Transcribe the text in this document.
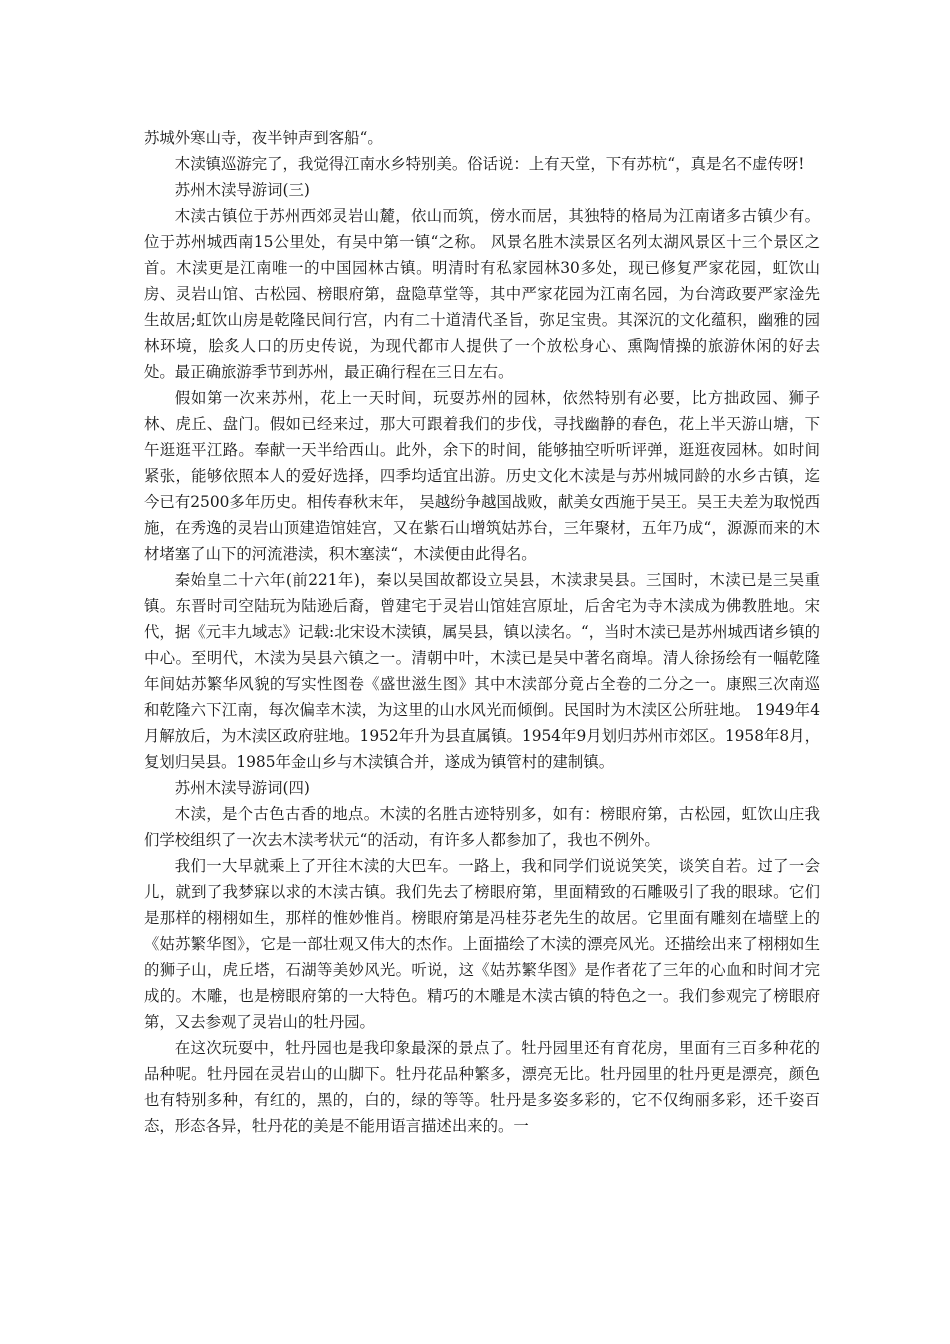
苏城外寒山寺，夜半钟声到客船“。

木渎镇巡游完了，我觉得江南水乡特别美。俗话说：上有天堂，下有苏杭“，真是名不虚传呀!

苏州木渎导游词(三)

木渎古镇位于苏州西郊灵岩山麓，依山而筑，傍水而居，其独特的格局为江南诸多古镇少有。位于苏州城西南15公里处，有吴中第一镇“之称。 风景名胜木渎景区名列太湖风景区十三个景区之首。木渎更是江南唯一的中国园林古镇。明清时有私家园林30多处，现已修复严家花园，虹饮山房、灵岩山馆、古松园、榜眼府第，盘隐草堂等，其中严家花园为江南名园，为台湾政要严家淦先生故居;虹饮山房是乾隆民间行宫，内有二十道清代圣旨，弥足宝贵。其深沉的文化蕴积，幽雅的园林环境，脍炙人口的历史传说，为现代都市人提供了一个放松身心、熏陶情操的旅游休闲的好去处。最正确旅游季节到苏州，最正确行程在三日左右。

假如第一次来苏州，花上一天时间，玩耍苏州的园林，依然特别有必要，比方拙政园、狮子林、虎丘、盘门。假如已经来过，那大可跟着我们的步伐，寻找幽静的春色，花上半天游山塘，下午逛逛平江路。奉献一天半给西山。此外，余下的时间，能够抽空听听评弹，逛逛夜园林。如时间紧张，能够依照本人的爱好选择，四季均适宜出游。历史文化木渎是与苏州城同龄的水乡古镇，迄今已有2500多年历史。相传春秋末年， 吴越纷争越国战败，献美女西施于吴王。吴王夫差为取悦西施，在秀逸的灵岩山顶建造馆娃宫，又在紫石山增筑姑苏台，三年聚材，五年乃成“，源源而来的木材堵塞了山下的河流港渎，积木塞渎“，木渎便由此得名。

秦始皇二十六年(前221年)，秦以吴国故都设立吴县，木渎隶吴县。三国时，木渎已是三吴重镇。东晋时司空陆玩为陆逊后裔，曾建宅于灵岩山馆娃宫原址，后舍宅为寺木渎成为佛教胜地。宋代，据《元丰九域志》记载:北宋设木渎镇，属吴县，镇以渎名。“，当时木渎已是苏州城西诸乡镇的中心。至明代，木渎为吴县六镇之一。清朝中叶，木渎已是吴中著名商埠。清人徐扬绘有一幅乾隆年间姑苏繁华风貌的写实性图卷《盛世滋生图》其中木渎部分竟占全卷的二分之一。康熙三次南巡和乾隆六下江南，每次偏幸木渎，为这里的山水风光而倾倒。民国时为木渎区公所驻地。 1949年4月解放后，为木渎区政府驻地。1952年升为县直属镇。1954年9月划归苏州市郊区。1958年8月，复划归吴县。1985年金山乡与木渎镇合并，遂成为镇管村的建制镇。

苏州木渎导游词(四)

木渎，是个古色古香的地点。木渎的名胜古迹特别多，如有：榜眼府第，古松园，虹饮山庄我们学校组织了一次去木渎考状元“的活动，有许多人都参加了，我也不例外。

我们一大早就乘上了开往木渎的大巴车。一路上，我和同学们说说笑笑，谈笑自若。过了一会儿，就到了我梦寐以求的木渎古镇。我们先去了榜眼府第，里面精致的石雕吸引了我的眼球。它们是那样的栩栩如生，那样的惟妙惟肖。榜眼府第是冯桂芬老先生的故居。它里面有雕刻在墙壁上的《姑苏繁华图》，它是一部壮观又伟大的杰作。上面描绘了木渎的漂亮风光。还描绘出来了栩栩如生的狮子山，虎丘塔，石湖等美妙风光。听说，这《姑苏繁华图》是作者花了三年的心血和时间才完成的。木雕，也是榜眼府第的一大特色。精巧的木雕是木渎古镇的特色之一。我们参观完了榜眼府第，又去参观了灵岩山的牡丹园。

在这次玩耍中，牡丹园也是我印象最深的景点了。牡丹园里还有育花房，里面有三百多种花的品种呢。牡丹园在灵岩山的山脚下。牡丹花品种繁多，漂亮无比。牡丹园里的牡丹更是漂亮，颜色也有特别多种，有红的，黑的，白的，绿的等等。牡丹是多姿多彩的，它不仅绚丽多彩，还千姿百态，形态各异，牡丹花的美是不能用语言描述出来的。一
